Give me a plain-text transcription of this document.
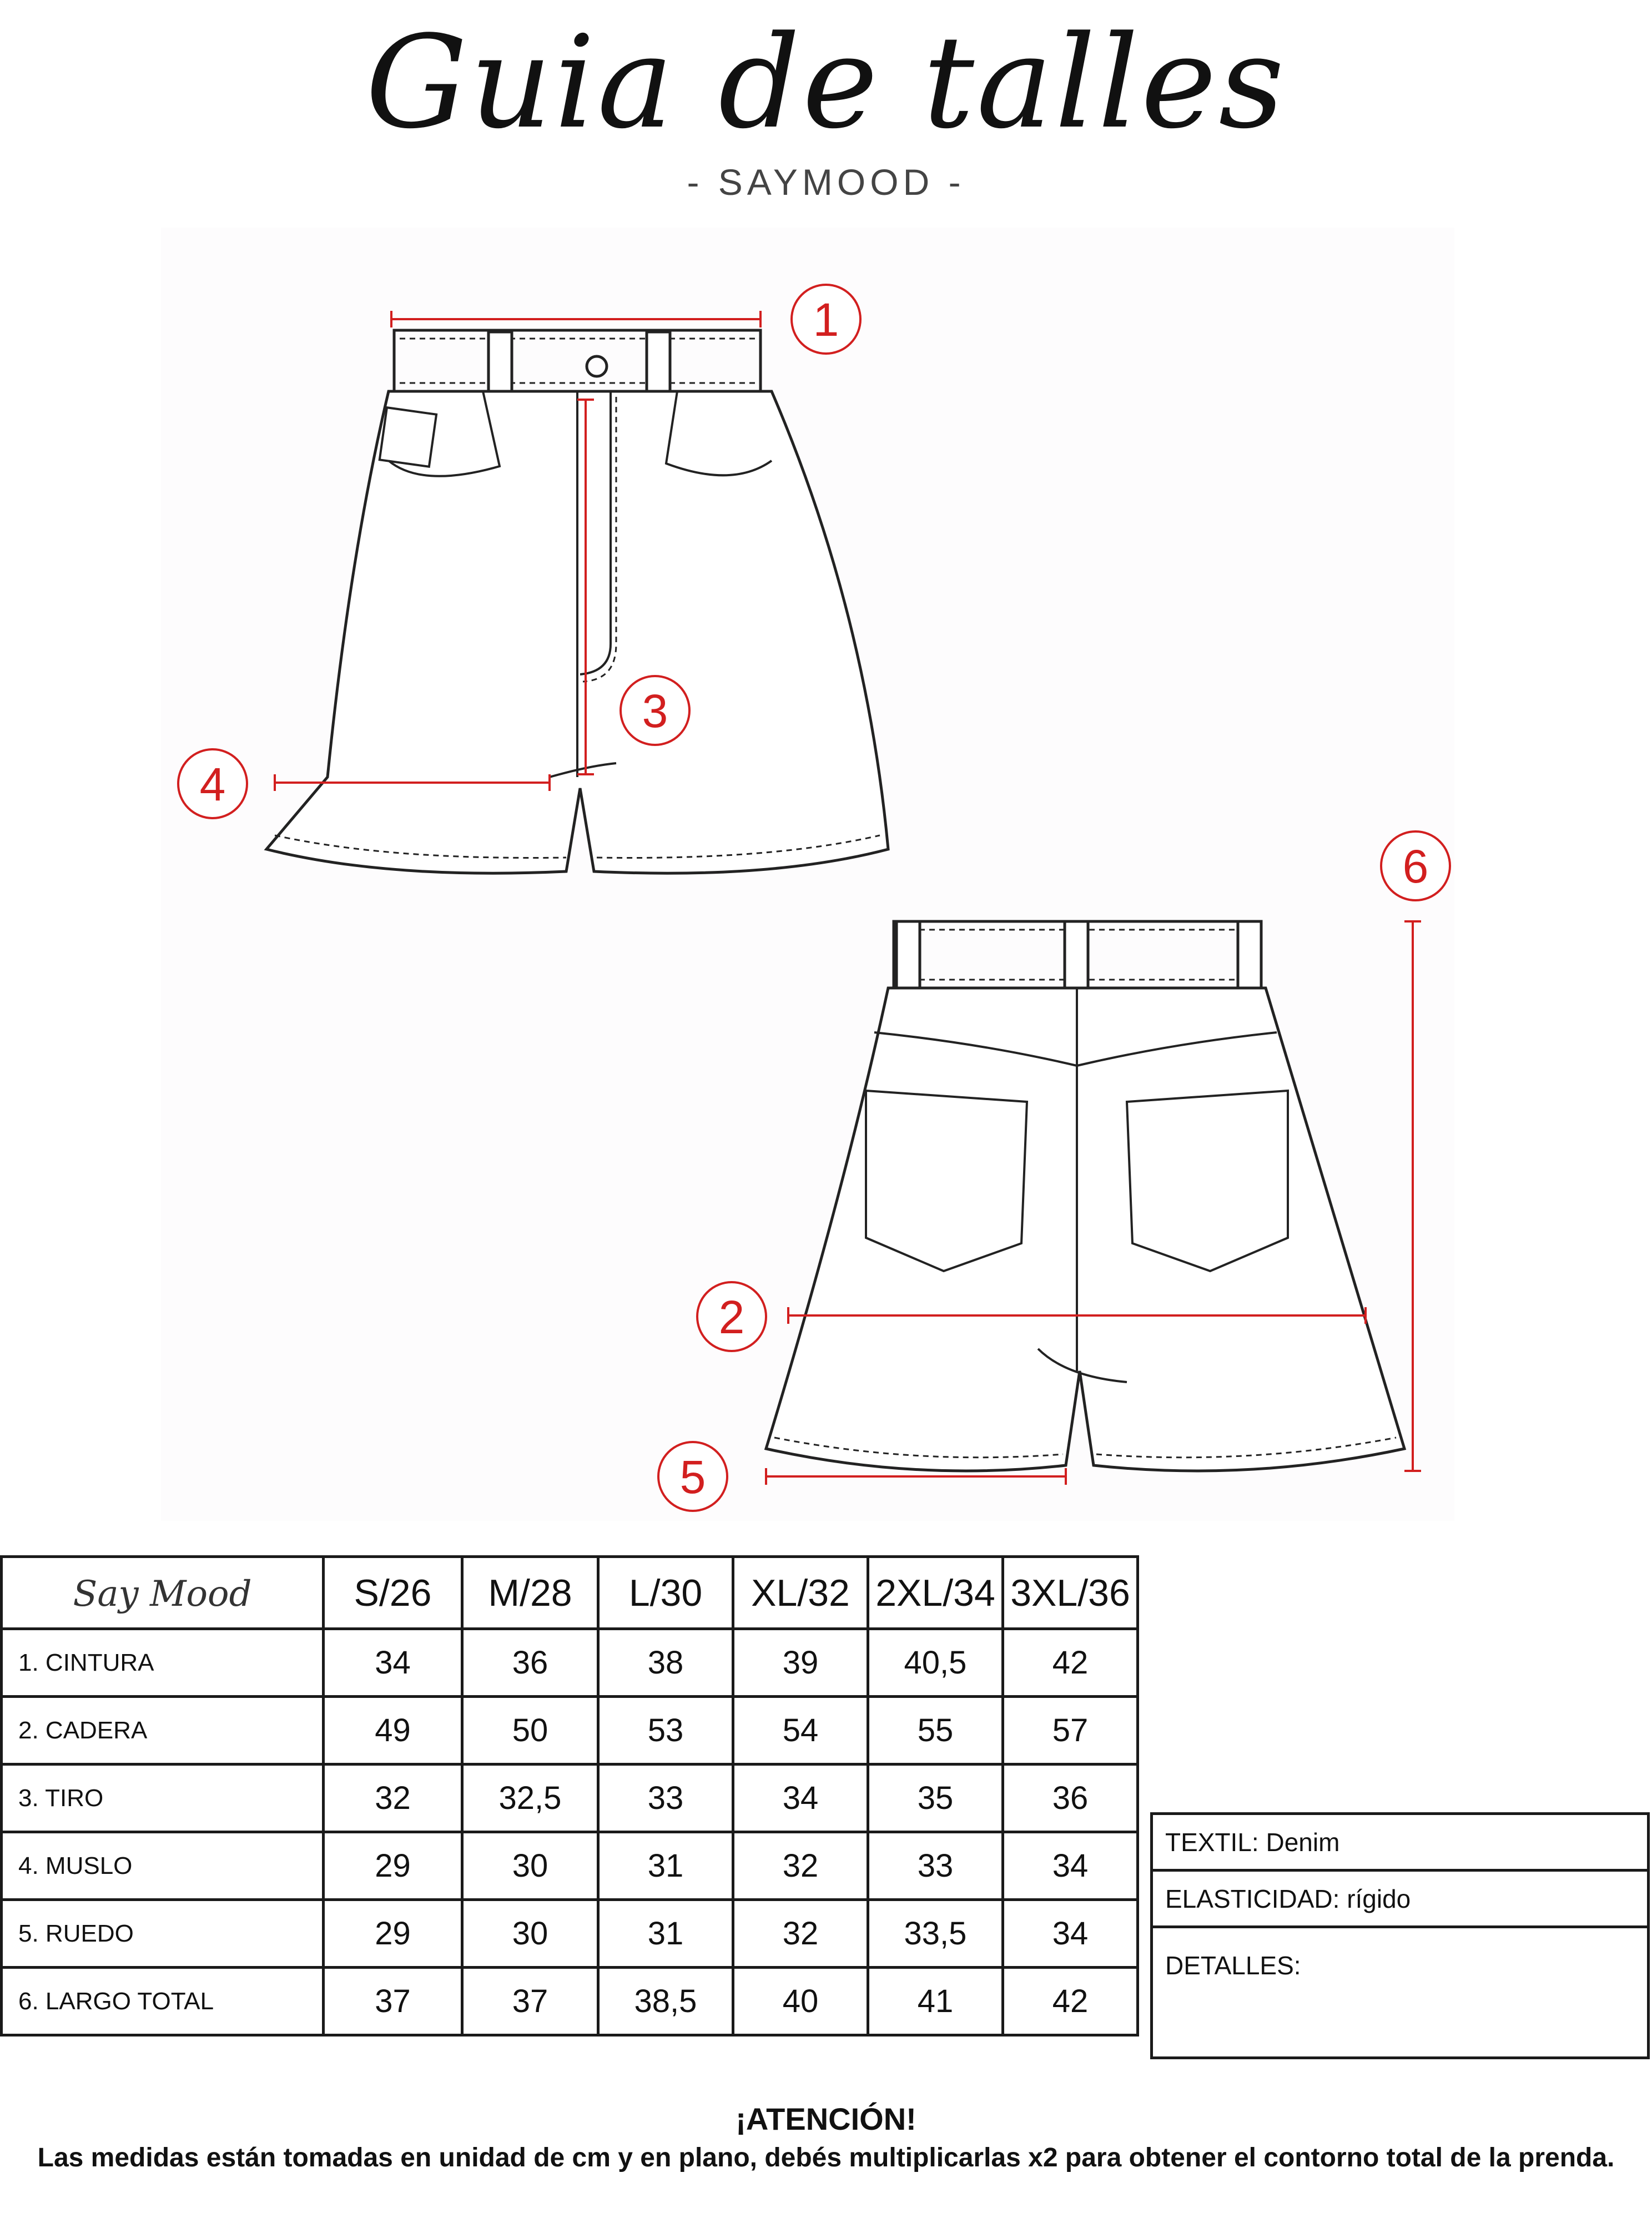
Guia de talles
- SAYMOOD -
1
3
4
6
2
5
Say Mood	S/26	M/28	L/30	XL/32	2XL/34	3XL/36
1. CINTURA	34	36	38	39	40,5	42
2. CADERA	49	50	53	54	55	57
3. TIRO	32	32,5	33	34	35	36
4. MUSLO	29	30	31	32	33	34
5. RUEDO	29	30	31	32	33,5	34
6. LARGO TOTAL	37	37	38,5	40	41	42
TEXTIL: Denim
ELASTICIDAD: rígido
DETALLES:
¡ATENCIÓN!
Las medidas están tomadas en unidad de cm y en plano, debés multiplicarlas x2 para obtener el contorno total de la prenda.
